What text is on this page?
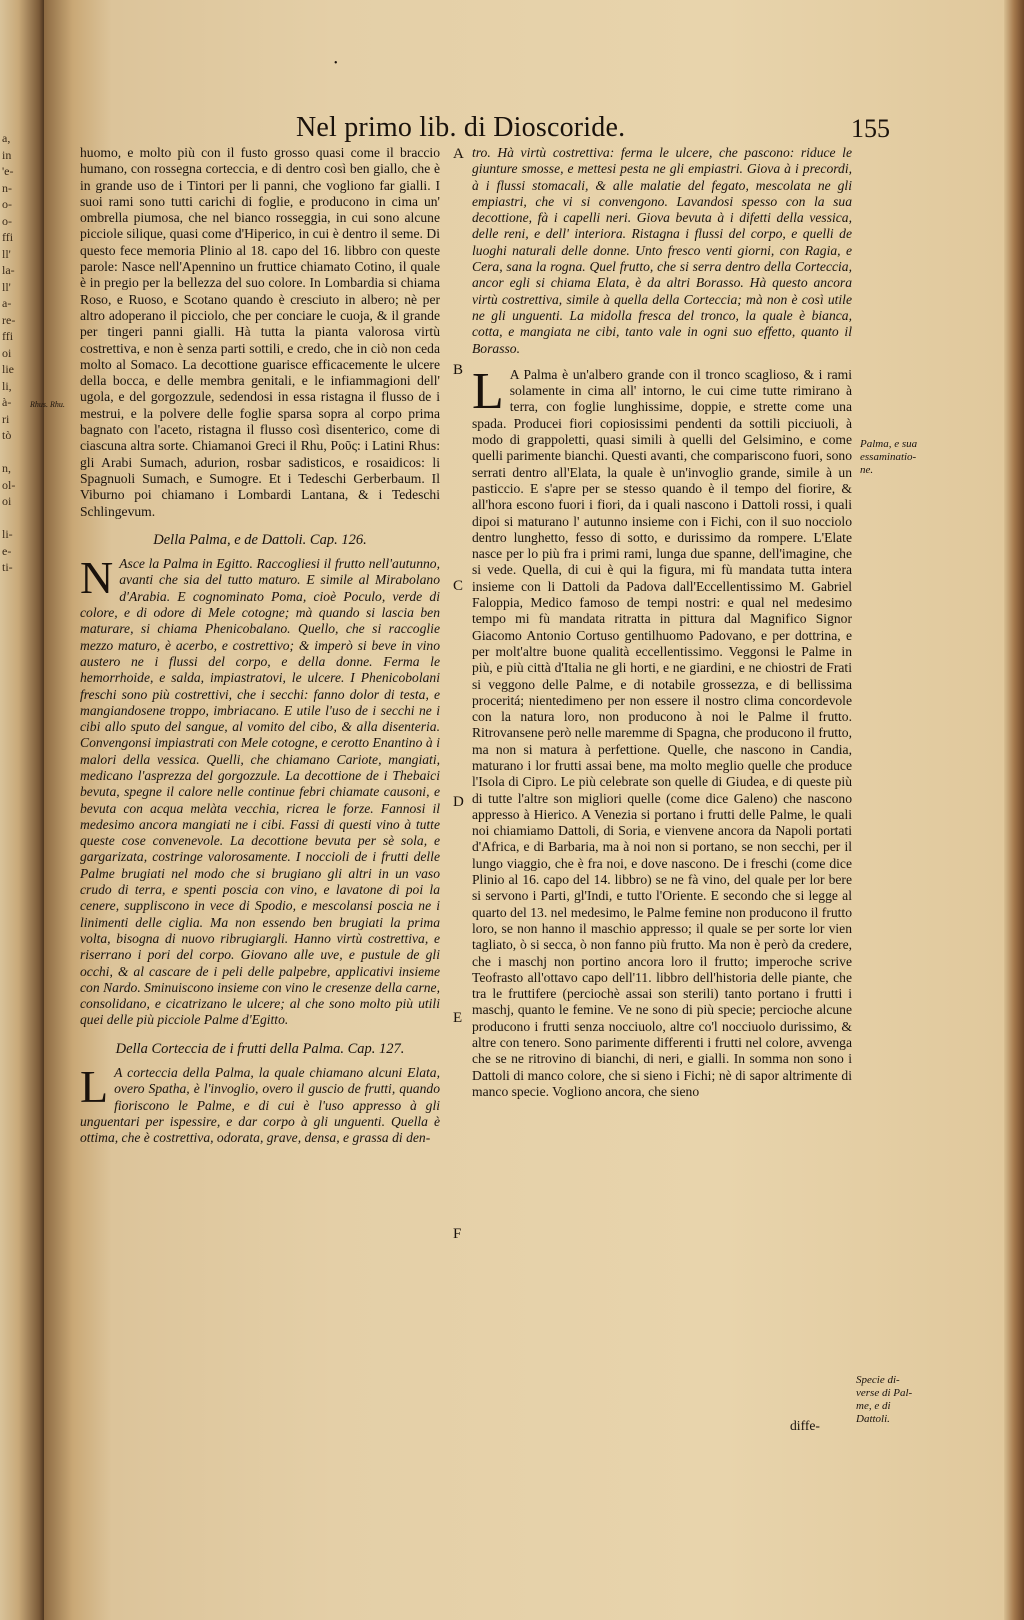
a,
in
'e-
n-
o-
o-
ffi
ll'
la-
ll'
a-
re-
ffi
oi
lie
li,
à-
ri
tò

n,
ol-
oi

li-
e-
ti-
•
Nel primo lib. di Dioscoride.	155

huomo, e molto più con il fusto grosso quasi come il braccio humano, con rossegna corteccia, e di dentro così ben giallo, che è in grande uso de i Tintori per li panni, che vogliono far gialli. I suoi rami sono tutti carichi di foglie, e producono in cima un' ombrella piumosa, che nel bianco rosseggia, in cui sono alcune picciole silique, quasi come d'Hiperico, in cui è dentro il seme. Di questo fece memoria Plinio al 18. capo del 16. libbro con queste parole: Nasce nell'Apennino un fruttice chiamato Cotino, il quale è in pregio per la bellezza del suo colore. In Lombardia si chiama Roso, e Ruoso, e Scotano quando è cresciuto in albero; nè per altro adoperano il picciolo, che per conciare le cuoja, & il grande per tingeri panni gialli. Hà tutta la pianta valorosa virtù costrettiva, e non è senza parti sottili, e credo, che in ciò non ceda molto al Somaco. La decottione guarisce efficacemente le ulcere della bocca, e delle membra genitali, e le infiammagioni dell' ugola, e del gorgozzule, sedendosi in essa ristagna il flusso de i mestrui, e la polvere delle foglie sparsa sopra al corpo prima bagnato con l'aceto, ristagna il flusso così disenterico, come di ciascuna altra sorte. Chiamanoi Greci il Rhu, Ροῦς: i Latini Rhus: gli Arabi Sumach, adurion, rosbar sadisticos, e rosaidicos: li Spagnuoli Sumach, e Sumogre. Et i Tedeschi Gerberbaum. Il Viburno poi chiamano i Lombardi Lantana, & i Tedeschi Schlingevum.

Della Palma, e de Dattoli. Cap. 126.

N Asce la Palma in Egitto. Raccogliesi il frutto nell'autunno, avanti che sia del tutto maturo. E simile al Mirabolano d'Arabia. E cognominato Poma, cioè Poculo, verde di colore, e di odore di Mele cotogne; mà quando si lascia ben maturare, si chiama Phenicobalano. Quello, che si raccoglie mezzo maturo, è acerbo, e costrettivo; & imperò si beve in vino austero ne i flussi del corpo, e della donne. Ferma le hemorrhoide, e salda, impiastratovi, le ulcere. I Phenicobolani freschi sono più costrettivi, che i secchi: fanno dolor di testa, e mangiandosene troppo, imbriacano. E utile l'uso de i secchi ne i cibi allo sputo del sangue, al vomito del cibo, & alla disenteria. Convengonsi impiastrati con Mele cotogne, e cerotto Enantino à i malori della vessica. Quelli, che chiamano Cariote, mangiati, medicano l'asprezza del gorgozzule. La decottione de i Thebaici bevuta, spegne il calore nelle continue febri chiamate causoni, e bevuta con acqua melàta vecchia, ricrea le forze. Fannosi il medesimo ancora mangiati ne i cibi. Fassi di questi vino à tutte queste cose convenevole. La decottione bevuta per sè sola, e gargarizata, costringe valorosamente. I noccioli de i frutti delle Palme brugiati nel modo che si brugiano gli altri in un vaso crudo di terra, e spenti poscia con vino, e lavatone di poi la cenere, suppliscono in vece di Spodio, e mescolansi poscia ne i linimenti delle ciglia. Ma non essendo ben brugiati la prima volta, bisogna di nuovo ribrugiargli. Hanno virtù costrettiva, e riserrano i pori del corpo. Giovano alle uve, e pustule de gli occhi, & al cascare de i peli delle palpebre, applicativi insieme con Nardo. Sminuiscono insieme con vino le cresenze della carne, consolidano, e cicatrizano le ulcere; al che sono molto più utili quei delle più picciole Palme d'Egitto.

Della Corteccia de i frutti della Palma. Cap. 127.

L A corteccia della Palma, la quale chiamano alcuni Elata, overo Spatha, è l'invoglio, overo il guscio de frutti, quando fioriscono le Palme, e di cui è l'uso appresso à gli unguentari per ispessire, e dar corpo à gli unguenti. Quella è ottima, che è costrettiva, odorata, grave, densa, e grassa di den-

tro. Hà virtù costrettiva: ferma le ulcere, che pascono: riduce le giunture smosse, e mettesi pesta ne gli empiastri. Giova à i precordi, à i flussi stomacali, & alle malatie del fegato, mescolata ne gli empiastri, che vi si convengono. Lavandosi spesso con la sua decottione, fà i capelli neri. Giova bevuta à i difetti della vessica, delle reni, e dell' interiora. Ristagna i flussi del corpo, e quelli de luoghi naturali delle donne. Unto fresco venti giorni, con Ragia, e Cera, sana la rogna. Quel frutto, che si serra dentro della Corteccia, ancor egli si chiama Elata, è da altri Borasso. Hà questo ancora virtù costrettiva, simile à quella della Corteccia; mà non è così utile ne gli unguenti. La midolla fresca del tronco, la quale è bianca, cotta, e mangiata ne cibi, tanto vale in ogni suo effetto, quanto il Borasso.

L A Palma è un'albero grande con il tronco scaglioso, & i rami solamente in cima all' intorno, le cui cime tutte rimirano à terra, con foglie lunghissime, doppie, e strette come una spada. Producei fiori copiosissimi pendenti da sottili picciuoli, à modo di grappoletti, quasi simili à quelli del Gelsimino, e come quelli parimente bianchi. Questi avanti, che compariscono fuori, sono serrati dentro all'Elata, la quale è un'invoglio grande, simile à un pasticcio. E s'apre per se stesso quando è il tempo del fiorire, & all'hora escono fuori i fiori, da i quali nascono i Dattoli rossi, i quali dipoi si maturano l' autunno insieme con i Fichi, con il suo nocciolo dentro lunghetto, fesso di sotto, e durissimo da rompere. L'Elate nasce per lo più fra i primi rami, lunga due spanne, dell'imagine, che si vede. Quella, di cui è qui la figura, mi fù mandata tutta intera insieme con li Dattoli da Padova dall'Eccellentissimo M. Gabriel Faloppia, Medico famoso de tempi nostri: e qual nel medesimo tempo mi fù mandata ritratta in pittura dal Magnifico Signor Giacomo Antonio Cortuso gentilhuomo Padovano, e per dottrina, e per molt'altre buone qualità eccellentissimo. Veggonsi le Palme in più, e più città d'Italia ne gli horti, e ne giardini, e ne chiostri de Frati si veggono delle Palme, e di notabile grossezza, e di bellissima proceritá; nientedimeno per non essere il nostro clima concordevole con la natura loro, non producono à noi le Palme il frutto. Ritrovansene però nelle maremme di Spagna, che producono il frutto, ma non si matura à perfettione. Quelle, che nascono in Candia, maturano i lor frutti assai bene, ma molto meglio quelle che produce l'Isola di Cipro. Le più celebrate son quelle di Giudea, e di queste più di tutte l'altre son migliori quelle (come dice Galeno) che nascono appresso à Hierico. A Venezia si portano i frutti delle Palme, le quali noi chiamiamo Dattoli, di Soria, e vienvene ancora da Napoli portati d'Africa, e di Barbaria, ma à noi non si portano, se non secchi, per il lungo viaggio, che è fra noi, e dove nascono. De i freschi (come dice Plinio al 16. capo del 14. libbro) se ne fà vino, del quale per lor bere si servono i Parti, gl'Indi, e tutto l'Oriente. E secondo che si legge al quarto del 13. nel medesimo, le Palme femine non producono il frutto loro, se non hanno il maschio appresso; il quale se per sorte lor vien tagliato, ò si secca, ò non fanno più frutto. Ma non è però da credere, che i maschj non portino ancora loro il frutto; imperoche scrive Teofrasto all'ottavo capo dell'11. libbro dell'historia delle piante, che tra le fruttifere (perciochè assai son sterili) tanto portano i frutti i maschj, quanto le femine. Ve ne sono di più specie; percioche alcune producono i frutti senza nocciuolo, altre co'l nocciuolo durissimo, & altre con tenero. Sono parimente differenti i frutti nel colore, avvenga che se ne ritrovino di bianchi, di neri, e gialli. In somma non sono i Dattoli di manco colore, che si sieno i Fichi; nè di sapor altrimente di manco specie. Vogliono ancora, che sieno

diffe-
A
B
C
D
E
F
Palma, e sua essaminatio-ne.
Specie di-verse di Pal-me, e di Dattoli.
Rhus. Rhu.
